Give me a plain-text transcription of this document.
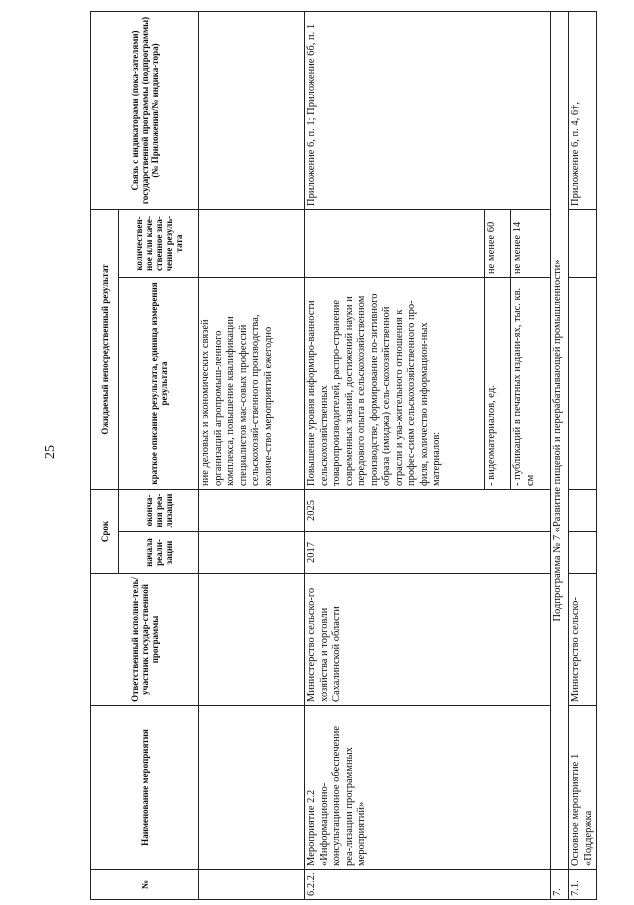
25
№	Наименование мероприятия	Ответственный исполни-тель/ участник государ-ственной программы	Срок		Ожидаемый непосредственный результат		Связь с индикаторами (пока-зателями) государственной программы (подпрограммы) (№ Приложения/№ индика-тора)
			начала реали-зации	оконча-ния реа-лизации	краткое описание результата, единица измерения результата	количествен-ное или каче-ственное зна-чение резуль-тата	
					ние деловых и экономических связей организаций агропромыш-ленного комплекса, повышение квалификации специалистов мас-совых профессий сельскохозяй-ственного производства, количе-ство мероприятий ежегодно		
6.2.2.	Мероприятие 2.2 «Информационно-консультационное обеспечение реа-лизации программных мероприятий»	Министерство сельско-го хозяйства и торговли Сахалинской области	2017	2025	Повышение уровня информиро-ванности сельскохозяйственных товаропроизводителей, распро-странение современных знаний, достижений науки и передового опыта в сельскохозяйственном производстве, формирование по-зитивного образа (имиджа) сель-скохозяйственной отрасли и ува-жительного отношения к профес-сиям сельскохозяйственного про-филя, количество информацион-ных материалов:		Приложение 6, п. 1; Приложение 6б, п. 1
					- видеоматериалов, ед.	не менее 60	
					- публикаций в печатных издани-ях, тыс. кв. см	не менее 14	
7.	Подпрограмма № 7 «Развитие пищевой и перерабатывающей промышленности»						
7.1.	Основное мероприятие 1 «Поддержка	Министерство сельско-					Приложение 6, п. 4, 6†,
